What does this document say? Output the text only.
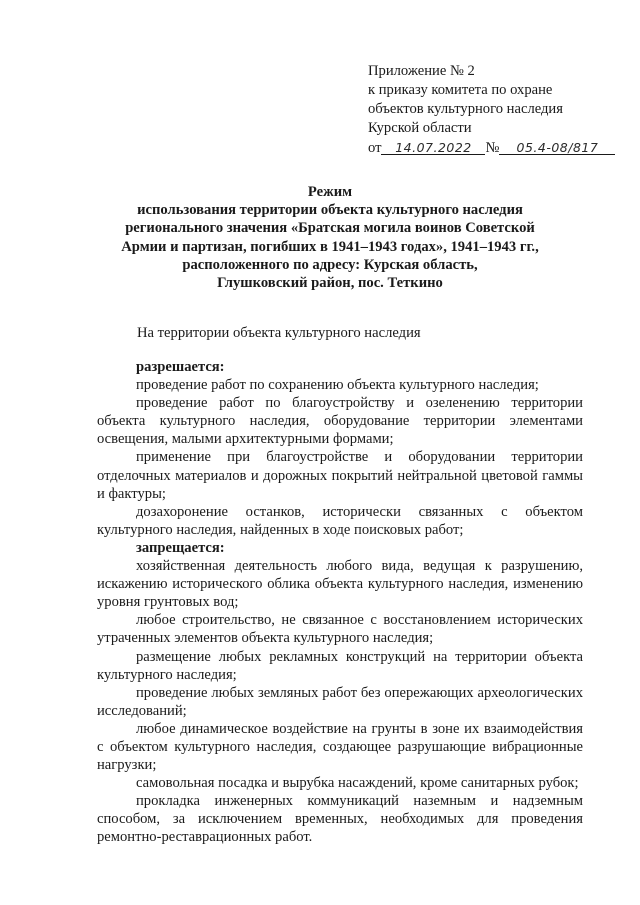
Приложение № 2
к приказу комитета по охране
объектов культурного наследия
Курской области
от 14.07.2022 № 05.4-08/817
Режим
использования территории объекта культурного наследия
регионального значения «Братская могила воинов Советской
Армии и партизан, погибших в 1941–1943 годах», 1941–1943 гг.,
расположенного по адресу: Курская область,
Глушковский район, пос. Теткино
На территории объекта культурного наследия

разрешается:

проведение работ по сохранению объекта культурного наследия;

проведение работ по благоустройству и озеленению территории объекта культурного наследия, оборудование территории элементами освещения, малыми архитектурными формами;

применение при благоустройстве и оборудовании территории отделочных материалов и дорожных покрытий нейтральной цветовой гаммы и фактуры;

дозахоронение останков, исторически связанных с объектом культурного наследия, найденных в ходе поисковых работ;

запрещается:

хозяйственная деятельность любого вида, ведущая к разрушению, искажению исторического облика объекта культурного наследия, изменению уровня грунтовых вод;

любое строительство, не связанное с восстановлением исторических утраченных элементов объекта культурного наследия;

размещение любых рекламных конструкций на территории объекта культурного наследия;

проведение любых земляных работ без опережающих археологических исследований;

любое динамическое воздействие на грунты в зоне их взаимодействия с объектом культурного наследия, создающее разрушающие вибрационные нагрузки;

самовольная посадка и вырубка насаждений, кроме санитарных рубок;

прокладка инженерных коммуникаций наземным и надземным способом, за исключением временных, необходимых для проведения ремонтно-реставрационных работ.
